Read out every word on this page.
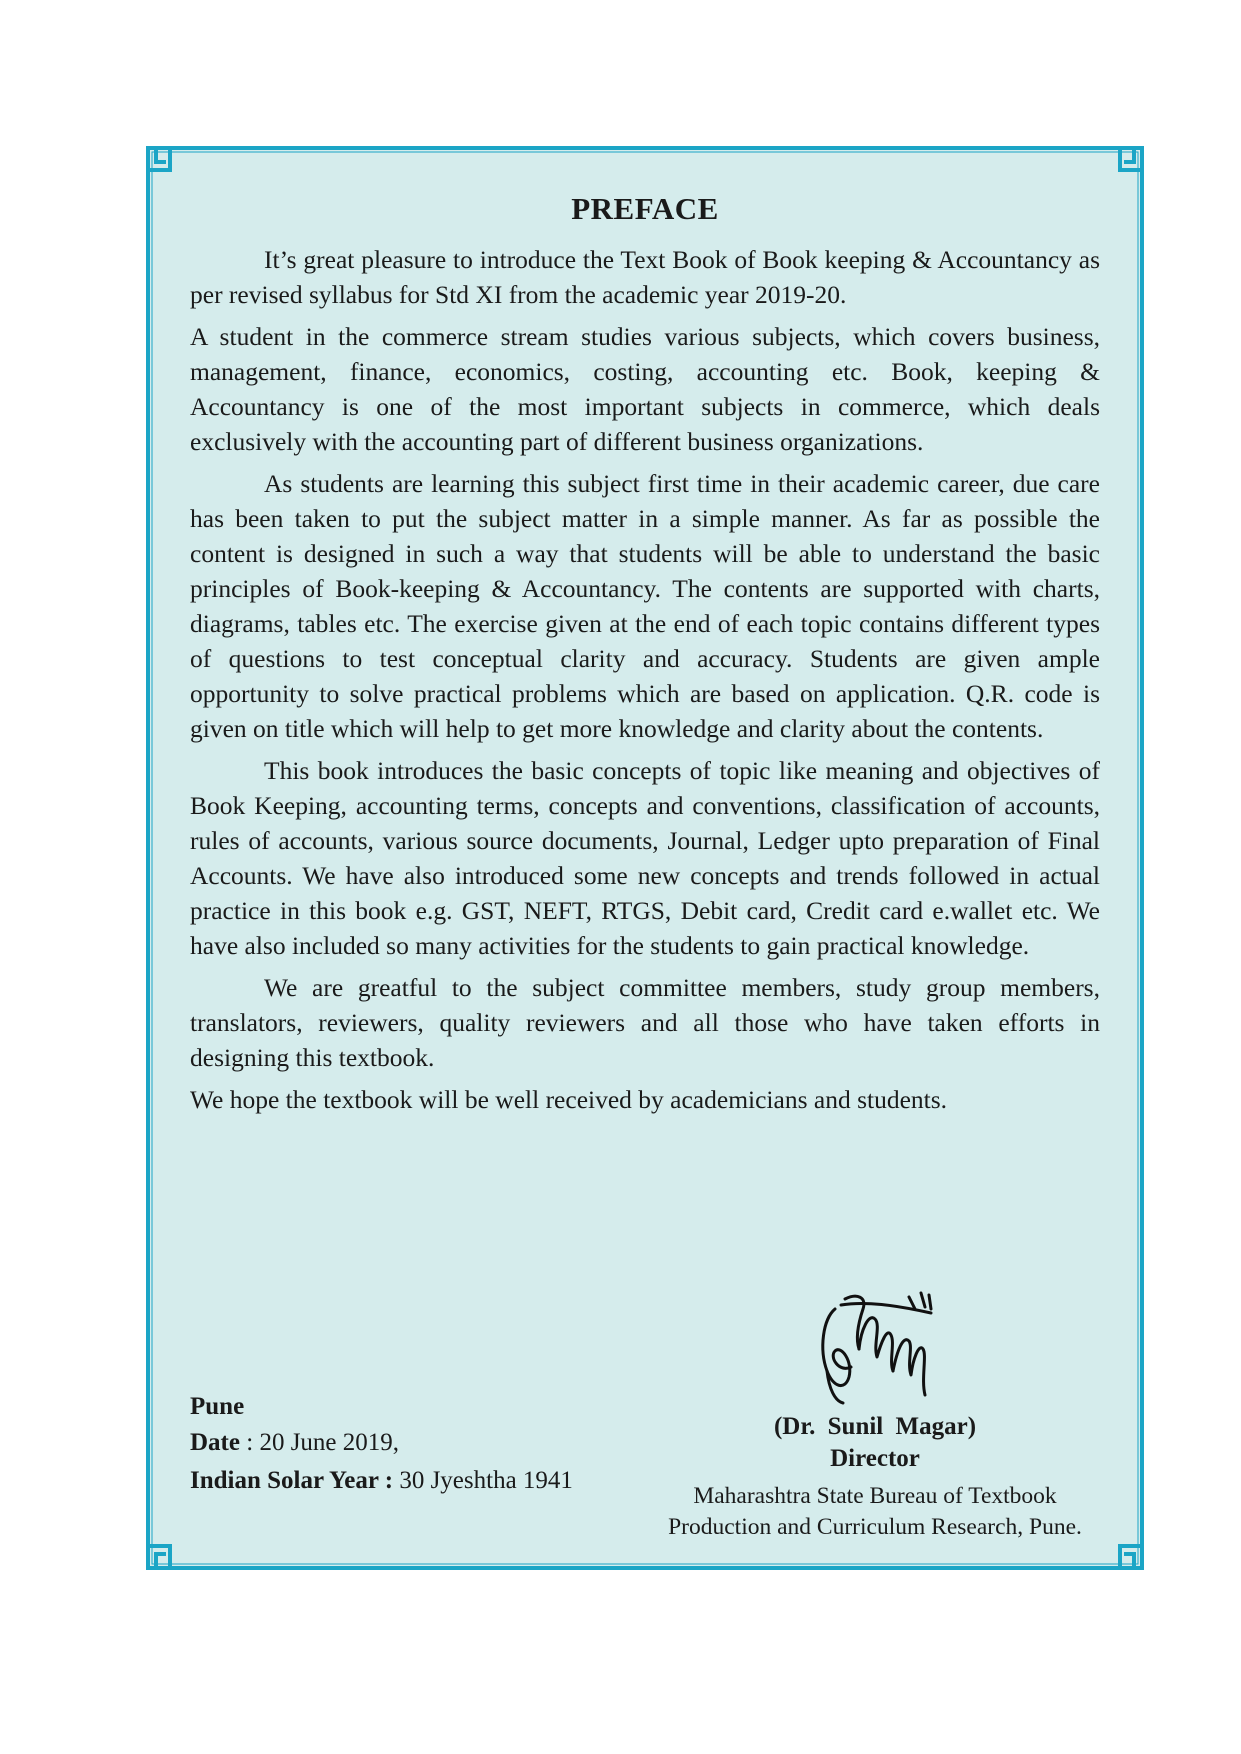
PREFACE

It’s great pleasure to introduce the Text Book of Book keeping & Accountancy as per revised syllabus for Std XI from the academic year 2019-20.

A student in the commerce stream studies various subjects, which covers business, management, finance, economics, costing, accounting etc. Book, keeping & Accountancy is one of the most important subjects in commerce, which deals exclusively with the accounting part of different business organizations.

As students are learning this subject first time in their academic career, due care has been taken to put the subject matter in a simple manner. As far as possible the content is designed in such a way that students will be able to understand the basic principles of Book-keeping & Accountancy. The contents are supported with charts, diagrams, tables etc. The exercise given at the end of each topic contains different types of questions to test conceptual clarity and accuracy. Students are given ample opportunity to solve practical problems which are based on application. Q.R. code is given on title which will help to get more knowledge and clarity about the contents.

This book introduces the basic concepts of topic like meaning and objectives of Book Keeping, accounting terms, concepts and conventions, classification of accounts, rules of accounts, various source documents, Journal, Ledger upto preparation of Final Accounts. We have also introduced some new concepts and trends followed in actual practice in this book e.g. GST, NEFT, RTGS, Debit card, Credit card e.wallet etc. We have also included so many activities for the students to gain practical knowledge.

We are greatful to the subject committee members, study group members, translators, reviewers, quality reviewers and all those who have taken efforts in designing this textbook.

We hope the textbook will be well received by academicians and students.

Pune
Date : 20 June 2019,
Indian Solar Year : 30 Jyeshtha 1941
(Dr. Sunil Magar)
Director
Maharashtra State Bureau of Textbook
Production and Curriculum Research, Pune.
